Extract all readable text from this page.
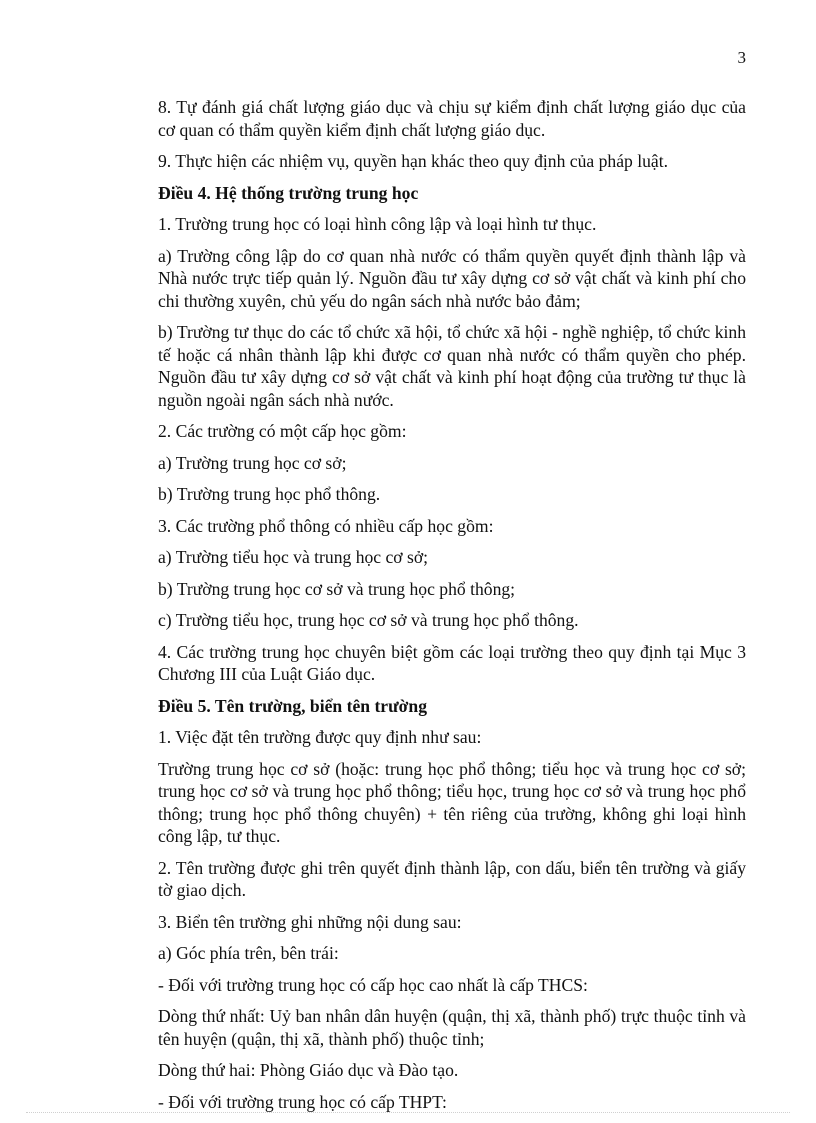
3

8. Tự đánh giá chất lượng giáo dục và chịu sự kiểm định chất lượng giáo dục của cơ quan có thẩm quyền kiểm định chất lượng giáo dục.

9. Thực hiện các nhiệm vụ, quyền hạn khác theo quy định của pháp luật.

Điều 4. Hệ thống trường trung học

1. Trường trung học có loại hình công lập và loại hình tư thục.

a) Trường công lập do cơ quan nhà nước có thẩm quyền quyết định thành lập và Nhà nước trực tiếp quản lý. Nguồn đầu tư xây dựng cơ sở vật chất và kinh phí cho chi thường xuyên, chủ yếu do ngân sách nhà nước bảo đảm;

b) Trường tư thục do các tổ chức xã hội, tổ chức xã hội - nghề nghiệp, tổ chức kinh tế hoặc cá nhân thành lập khi được cơ quan nhà nước có thẩm quyền cho phép. Nguồn đầu tư xây dựng cơ sở vật chất và kinh phí hoạt động của trường tư thục là nguồn ngoài ngân sách nhà nước.

2. Các trường có một cấp học gồm:

a) Trường trung học cơ sở;

b) Trường trung học phổ thông.

3. Các trường phổ thông có nhiều cấp học gồm:

a) Trường tiểu học và trung học cơ sở;

b) Trường trung học cơ sở và trung học phổ thông;

c) Trường tiểu học, trung học cơ sở và trung học phổ thông.

4. Các trường trung học chuyên biệt gồm các loại trường theo quy định tại Mục 3 Chương III của Luật Giáo dục.

Điều 5. Tên trường, biển tên trường

1. Việc đặt tên trường được quy định như sau:

Trường trung học cơ sở (hoặc: trung học phổ thông; tiểu học và trung học cơ sở; trung học cơ sở và trung học phổ thông; tiểu học, trung học cơ sở và trung học phổ thông; trung học phổ thông chuyên) + tên riêng của trường, không ghi loại hình công lập, tư thục.

2. Tên trường được ghi trên quyết định thành lập, con dấu, biển tên trường và giấy tờ giao dịch.

3. Biển tên trường ghi những nội dung sau:

a) Góc phía trên, bên trái:

- Đối với trường trung học có cấp học cao nhất là cấp THCS:

Dòng thứ nhất: Uỷ ban nhân dân huyện (quận, thị xã, thành phố) trực thuộc tỉnh và tên huyện (quận, thị xã, thành phố) thuộc tỉnh;

Dòng thứ hai: Phòng Giáo dục và Đào tạo.

- Đối với trường trung học có cấp THPT:
